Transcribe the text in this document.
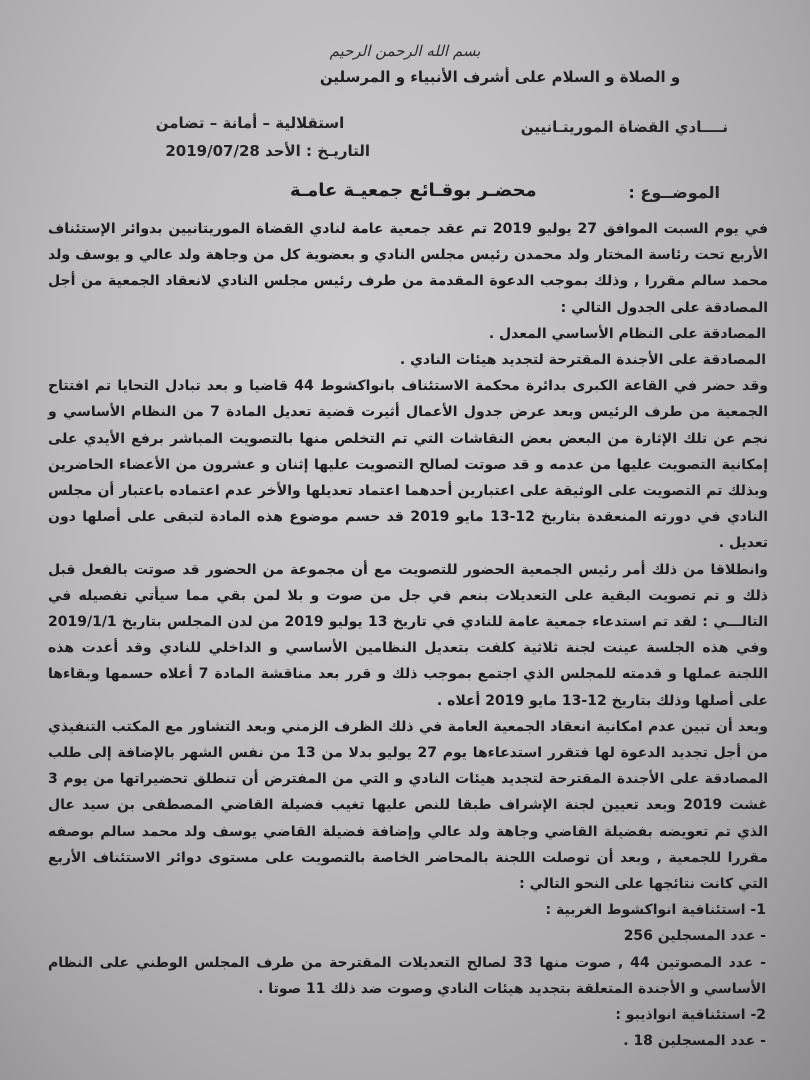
بسم الله الرحمن الرحيم
و الصلاة و السلام على أشرف الأنبياء و المرسلين
نــــادي القضاة الموريتـانيين
استقلالية – أمانة – تضامن
التاريـخ : الأحد 2019/07/28
الموضــوع :
محضـر بوقـائع جمعيـة عامـة

في يوم السبت الموافق 27 يوليو 2019 تم عقد جمعية عامة لنادي القضاة الموريتانيين بدوائر الإستئناف الأربع تحت رئاسة المختار ولد محمدن رئيس مجلس النادي و بعضوية كل من وجاهة ولد عالي و يوسف ولد محمد سالم مقررا , وذلك بموجب الدعوة المقدمة من طرف رئيس مجلس النادي لانعقاد الجمعية من أجل المصادقة على الجدول التالي :

المصادقة على النظام الأساسي المعدل .

المصادقة على الأجندة المقترحة لتجديد هيئات النادي .

وقد حضر في القاعة الكبرى بدائرة محكمة الاستئناف بانواكشوط 44 قاضيا و بعد تبادل التحايا تم افتتاح الجمعية من طرف الرئيس وبعد عرض جدول الأعمال أثيرت قضية تعديل المادة 7 من النظام الأساسي و نجم عن تلك الإثارة من البعض بعض النقاشات التي تم التخلص منها بالتصويت المباشر برفع الأيدي على إمكانية التصويت عليها من عدمه و قد صوتت لصالح التصويت عليها إثنان و عشرون من الأعضاء الحاضرين وبذلك تم التصويت على الوثيقة على اعتبارين أحدهما اعتماد تعديلها والأخر عدم اعتماده باعتبار أن مجلس النادي في دورته المنعقدة بتاريخ 12-13 مايو 2019 قد حسم موضوع هذه المادة لتبقى على أصلها دون تعديل .

وانطلاقا من ذلك أمر رئيس الجمعية الحضور للتصويت مع أن مجموعة من الحضور قد صوتت بالفعل قبل ذلك و تم تصويت البقية على التعديلات بنعم في جل من صوت و بلا لمن بقي مما سيأتي تفصيله في التالـــي : لقد تم استدعاء جمعية عامة للنادي في تاريخ 13 يوليو 2019 من لدن المجلس بتاريخ 2019/1/1 وفي هذه الجلسة عينت لجنة ثلاثية كلفت بتعديل النظامين الأساسي و الداخلي للنادي وقد أعدت هذه اللجنة عملها و قدمته للمجلس الذي اجتمع بموجب ذلك و قرر بعد مناقشة المادة 7 أعلاه حسمها وبقاءها على أصلها وذلك بتاريخ 12-13 مايو 2019 أعلاه .

وبعد أن تبين عدم امكانية انعقاد الجمعية العامة في ذلك الظرف الزمني وبعد التشاور مع المكتب التنفيذي من أجل تجديد الدعوة لها فتقرر استدعاءها يوم 27 يوليو بدلا من 13 من نفس الشهر بالإضافة إلى طلب المصادقة على الأجندة المقترحة لتجديد هيئات النادي و التي من المفترض أن تنطلق تحضيراتها من يوم 3 غشت 2019 وبعد تعيين لجنة الإشراف طبقا للنص عليها تغيب فضيلة القاضي المصطفى بن سيد عال الذي تم تعويضه بفضيلة القاضي وجاهة ولد عالي وإضافة فضيلة القاضي يوسف ولد محمد سالم بوصفه مقررا للجمعية , وبعد أن توصلت اللجنة بالمحاضر الخاصة بالتصويت على مستوى دوائر الاستئناف الأربع التي كانت نتائجها على النحو التالي :

1- استئنافية انواكشوط الغربية :

- عدد المسجلين 256

- عدد المصوتين 44 , صوت منها 33 لصالح التعديلات المقترحة من طرف المجلس الوطني على النظام الأساسي و الأجندة المتعلقة بتجديد هيئات النادي وصوت ضد ذلك 11 صوتا .

2- استئنافية انواذيبو :

- عدد المسجلين 18 .
